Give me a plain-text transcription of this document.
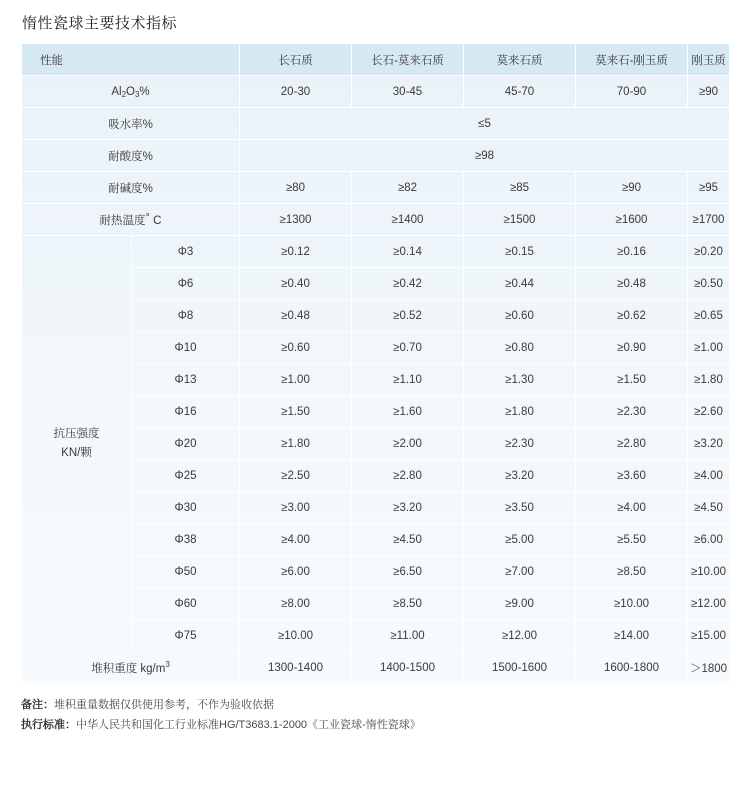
惰性瓷球主要技术指标
性能		长石质	长石-莫来石质	莫来石质	莫来石-刚玉质	刚玉质
$Al_2O_3\%$		20-30	30-45	45-70	70-90	≥90
吸水率%		≤5				
耐酸度%		≥98				
耐碱度%		≥80	≥82	≥85	≥90	≥95
耐热温度° C		≥1300	≥1400	≥1500	≥1600	≥1700
抗压强度
KN/颗	Φ3	≥0.12	≥0.14	≥0.15	≥0.16	≥0.20
	Φ6	≥0.40	≥0.42	≥0.44	≥0.48	≥0.50
	Φ8	≥0.48	≥0.52	≥0.60	≥0.62	≥0.65
	Φ10	≥0.60	≥0.70	≥0.80	≥0.90	≥1.00
	Φ13	≥1.00	≥1.10	≥1.30	≥1.50	≥1.80
	Φ16	≥1.50	≥1.60	≥1.80	≥2.30	≥2.60
	Φ20	≥1.80	≥2.00	≥2.30	≥2.80	≥3.20
	Φ25	≥2.50	≥2.80	≥3.20	≥3.60	≥4.00
	Φ30	≥3.00	≥3.20	≥3.50	≥4.00	≥4.50
	Φ38	≥4.00	≥4.50	≥5.00	≥5.50	≥6.00
	Φ50	≥6.00	≥6.50	≥7.00	≥8.50	≥10.00
	Φ60	≥8.00	≥8.50	≥9.00	≥10.00	≥12.00
	Φ75	≥10.00	≥11.00	≥12.00	≥14.00	≥15.00
堆积重度 $kg/m^3$		1300-1400	1400-1500	1500-1600	1600-1800	＞1800
备注：堆积重量数据仅供使用参考，不作为验收依据
执行标准：中华人民共和国化工行业标准HG/T3683.1-2000《工业瓷球-惰性瓷球》
